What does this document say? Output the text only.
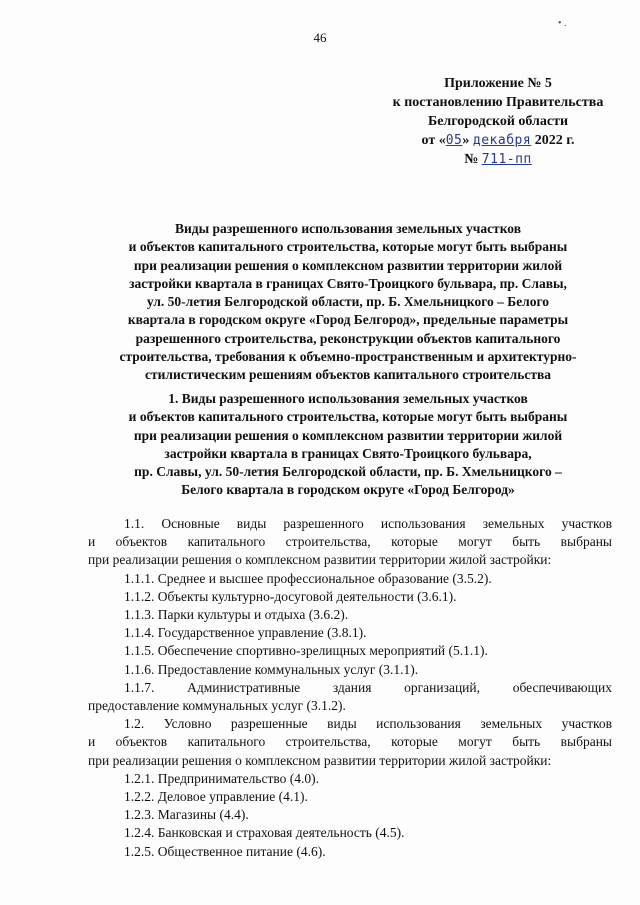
• .
46
Приложение № 5
к постановлению Правительства
Белгородской области
от «05» декабря 2022 г.
№ 711-пп
Виды разрешенного использования земельных участков
и объектов капитального строительства, которые могут быть выбраны
при реализации решения о комплексном развитии территории жилой
застройки квартала в границах Свято-Троицкого бульвара, пр. Славы,
ул. 50-летия Белгородской области, пр. Б. Хмельницкого – Белого
квартала в городском округе «Город Белгород», предельные параметры
разрешенного строительства, реконструкции объектов капитального
строительства, требования к объемно-пространственным и архитектурно-
стилистическим решениям объектов капитального строительства
1. Виды разрешенного использования земельных участков
и объектов капитального строительства, которые могут быть выбраны
при реализации решения о комплексном развитии территории жилой
застройки квартала в границах Свято-Троицкого бульвара,
пр. Славы, ул. 50-летия Белгородской области, пр. Б. Хмельницкого –
Белого квартала в городском округе «Город Белгород»
1.1. Основные виды разрешенного использования земельных участков
и объектов капитального строительства, которые могут быть выбраны
при реализации решения о комплексном развитии территории жилой застройки:
1.1.1. Среднее и высшее профессиональное образование (3.5.2).
1.1.2. Объекты культурно-досуговой деятельности (3.6.1).
1.1.3. Парки культуры и отдыха (3.6.2).
1.1.4. Государственное управление (3.8.1).
1.1.5. Обеспечение спортивно-зрелищных мероприятий (5.1.1).
1.1.6. Предоставление коммунальных услуг (3.1.1).
1.1.7. Административные здания организаций, обеспечивающих
предоставление коммунальных услуг (3.1.2).
1.2. Условно разрешенные виды использования земельных участков
и объектов капитального строительства, которые могут быть выбраны
при реализации решения о комплексном развитии территории жилой застройки:
1.2.1. Предпринимательство (4.0).
1.2.2. Деловое управление (4.1).
1.2.3. Магазины (4.4).
1.2.4. Банковская и страховая деятельность (4.5).
1.2.5. Общественное питание (4.6).
